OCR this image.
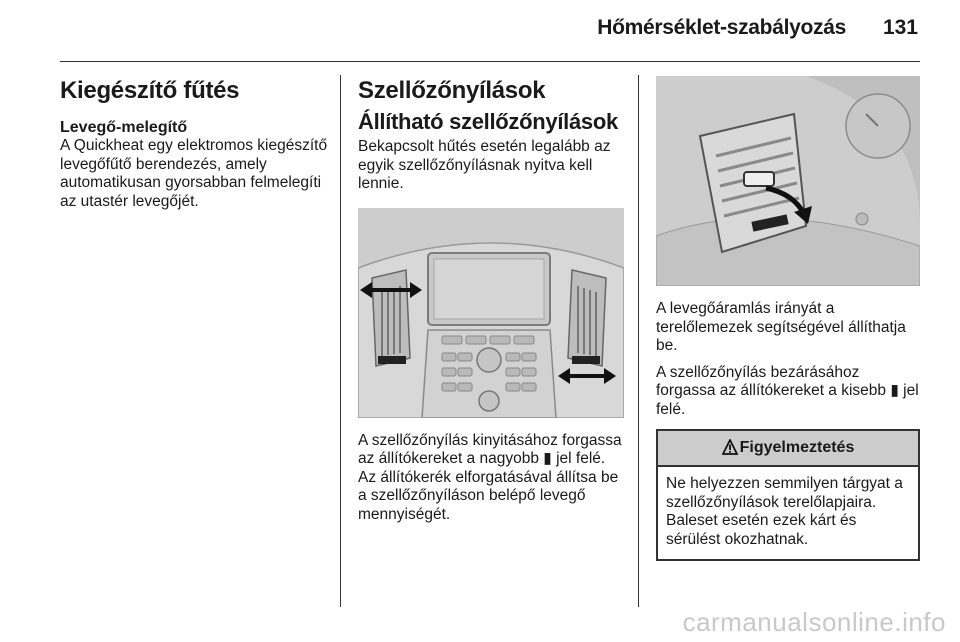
Hőmérséklet-szabályozás	131
Kiegészítő fűtés
Levegő-melegítő

A Quickheat egy elektromos kiegészítő levegőfűtő berendezés, amely automatikusan gyorsabban felmelegíti az utastér levegőjét.

Szellőzőnyílások
Állítható szellőzőnyílások

Bekapcsolt hűtés esetén legalább az egyik szellőzőnyílásnak nyitva kell lennie.

A szellőzőnyílás kinyitásához forgassa az állítókereket a nagyobb ▮ jel felé. Az állítókerék elforgatásával állítsa be a szellőzőnyíláson belépő levegő mennyiségét.

A levegőáramlás irányát a terelőlemezek segítségével állíthatja be.

A szellőzőnyílás bezárásához forgassa az állítókereket a kisebb ▮ jel felé.

Figyelmeztetés
Ne helyezzen semmilyen tárgyat a szellőzőnyílások terelőlapjaira. Baleset esetén ezek kárt és sérülést okozhatnak.
carmanualsonline.info
